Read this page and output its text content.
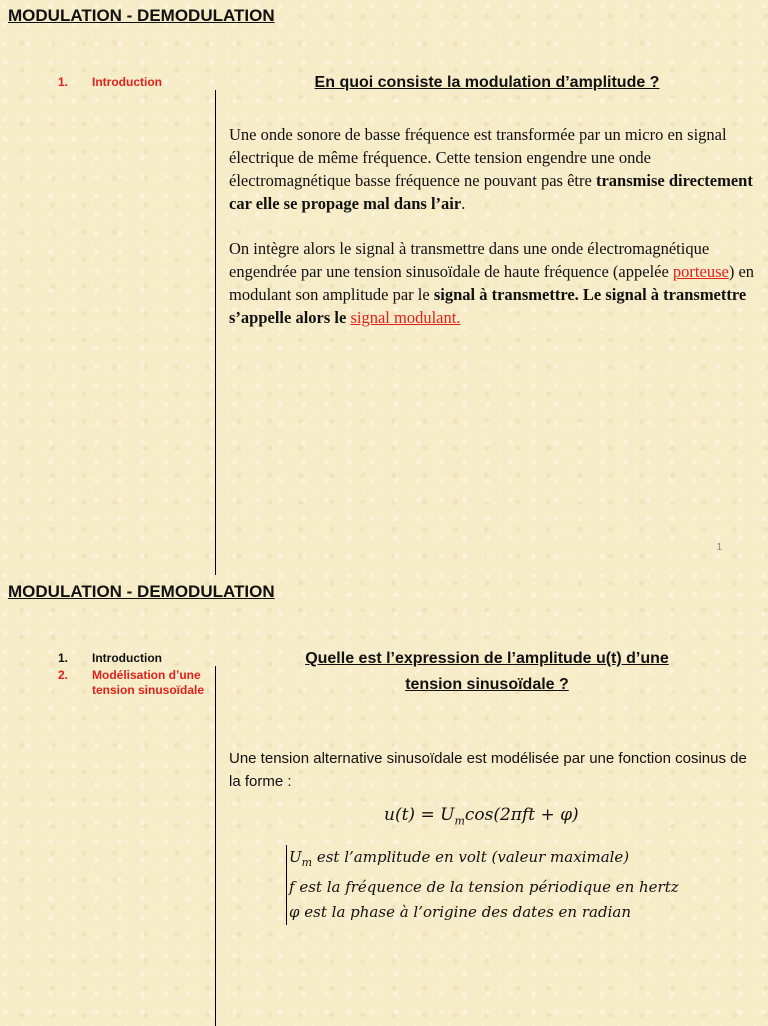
MODULATION - DEMODULATION
1. Introduction	En quoi consiste la modulation d’amplitude ?

Une onde sonore de basse fréquence est transformée par un micro en signal électrique de même fréquence. Cette tension engendre une onde électromagnétique basse fréquence ne pouvant pas être transmise directement car elle se propage mal dans l’air.

On intègre alors le signal à transmettre dans une onde électromagnétique engendrée par une tension sinusoïdale de haute fréquence (appelée porteuse) en modulant son amplitude par le signal à transmettre. Le signal à transmettre s’appelle alors le signal modulant.

1
MODULATION - DEMODULATION
1. Introduction
2. Modélisation d’une
tension sinusoïdale
Quelle est l’expression de l’amplitude u(t) d’une
tension sinusoïdale ?
Une tension alternative sinusoïdale est modélisée par une fonction cosinus de la forme :
$u(t) = U_m\cos(2\pi ft + \varphi)$
$U_m$ est l’amplitude en volt (valeur maximale)
f est la fréquence de la tension périodique en hertz
φ est la phase à l’origine des dates en radian
